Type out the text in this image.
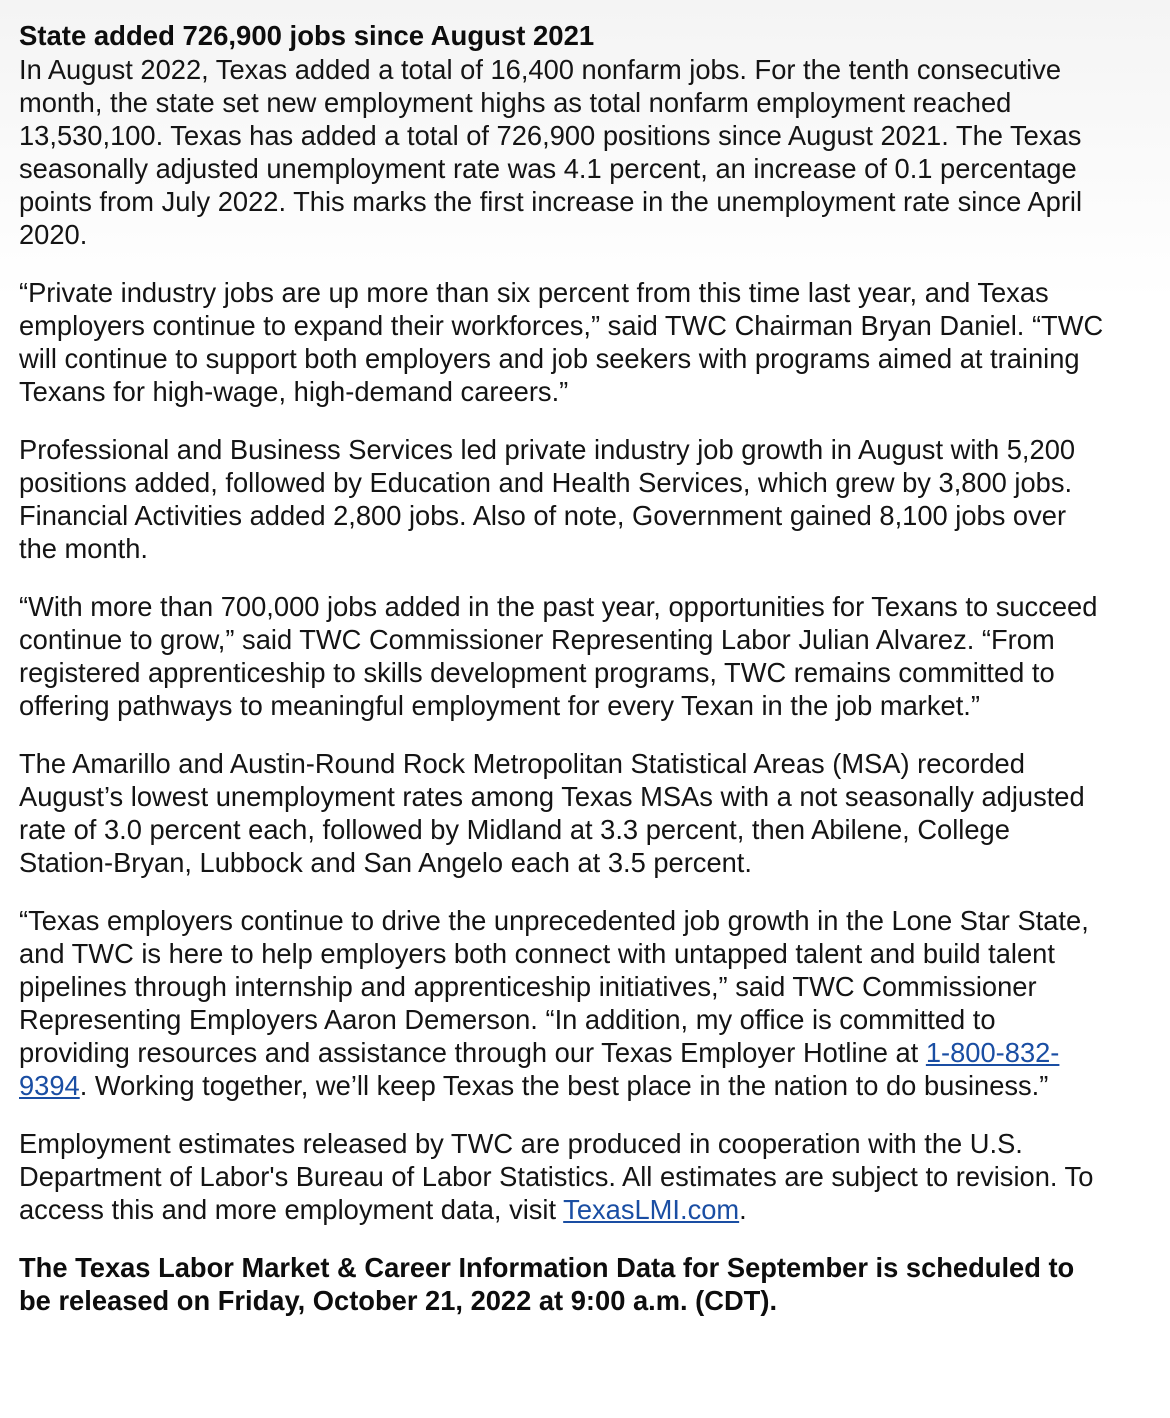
State added 726,900 jobs since August 2021

In August 2022, Texas added a total of 16,400 nonfarm jobs. For the tenth consecutive month, the state set new employment highs as total nonfarm employment reached 13,530,100. Texas has added a total of 726,900 positions since August 2021. The Texas seasonally adjusted unemployment rate was 4.1 percent, an increase of 0.1 percentage points from July 2022. This marks the first increase in the unemployment rate since April 2020.

“Private industry jobs are up more than six percent from this time last year, and Texas employers continue to expand their workforces,” said TWC Chairman Bryan Daniel. “TWC will continue to support both employers and job seekers with programs aimed at training Texans for high-wage, high-demand careers.”

Professional and Business Services led private industry job growth in August with 5,200 positions added, followed by Education and Health Services, which grew by 3,800 jobs. Financial Activities added 2,800 jobs. Also of note, Government gained 8,100 jobs over the month.

“With more than 700,000 jobs added in the past year, opportunities for Texans to succeed continue to grow,” said TWC Commissioner Representing Labor Julian Alvarez. “From registered apprenticeship to skills development programs, TWC remains committed to offering pathways to meaningful employment for every Texan in the job market.”

The Amarillo and Austin-Round Rock Metropolitan Statistical Areas (MSA) recorded August’s lowest unemployment rates among Texas MSAs with a not seasonally adjusted rate of 3.0 percent each, followed by Midland at 3.3 percent, then Abilene, College Station-Bryan, Lubbock and San Angelo each at 3.5 percent.

“Texas employers continue to drive the unprecedented job growth in the Lone Star State, and TWC is here to help employers both connect with untapped talent and build talent pipelines through internship and apprenticeship initiatives,” said TWC Commissioner Representing Employers Aaron Demerson. “In addition, my office is committed to providing resources and assistance through our Texas Employer Hotline at 1-800-832-9394. Working together, we’ll keep Texas the best place in the nation to do business.”

Employment estimates released by TWC are produced in cooperation with the U.S. Department of Labor's Bureau of Labor Statistics. All estimates are subject to revision. To access this and more employment data, visit TexasLMI.com.

The Texas Labor Market & Career Information Data for September is scheduled to be released on Friday, October 21, 2022 at 9:00 a.m. (CDT).
